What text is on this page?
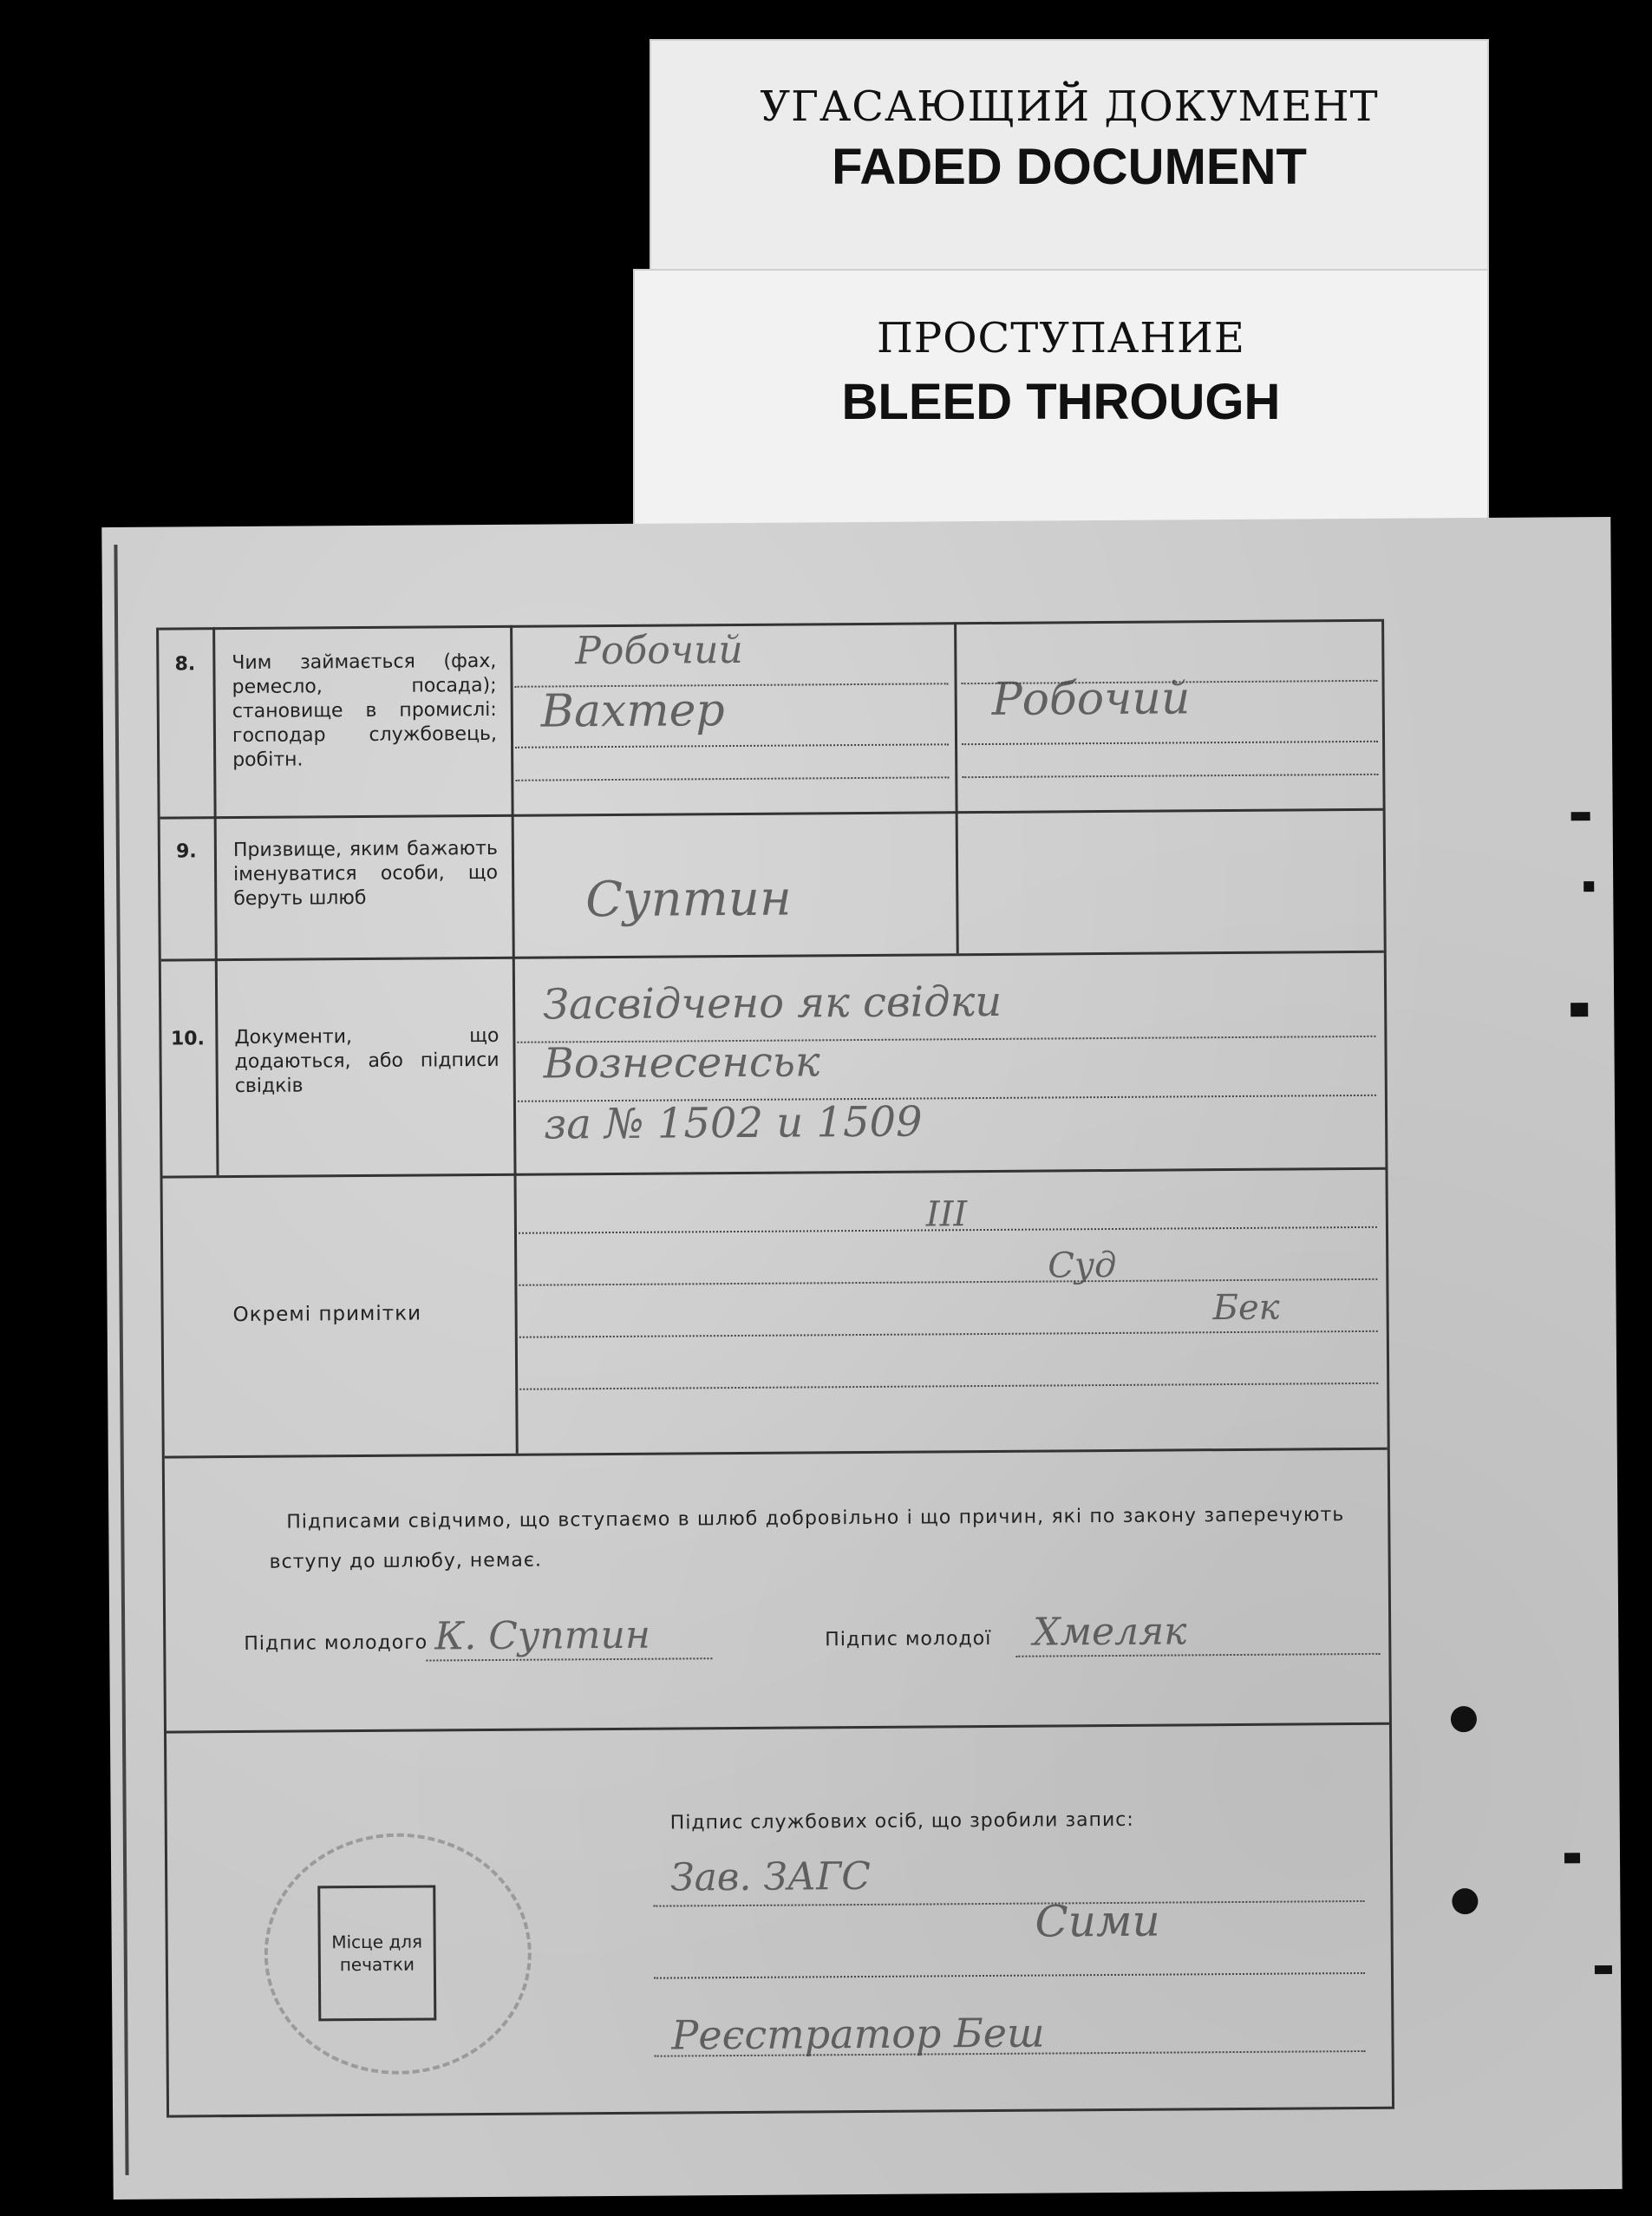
УГАСАЮЩИЙ ДОКУМЕНТ
FADED DOCUMENT
ПРОСТУПАНИЕ
BLEED THROUGH
8.	Чим займається (фах, ремесло, посада); становище в промислі: господар службовець, робітн.
Робочий
Вахтер	Робочий
9.	Призвище, яким бажають іменуватися особи, що беруть шлюб	Суптин
10.	Документи, що додаються, або підписи свідків
Засвідчено як свідки
Вознесенськ
за № 1502 и 1509
Окремі примітки
III
Суд
Бек
Підписами свідчимо, що вступаємо в шлюб добровільно і що причин, які по закону заперечують вступу до шлюбу, немає.
Підпис молодого К. Суптин	Підпис молодої Хмеляк
Підпис службових осіб, що зробили запис:
Зав. ЗАГС
Сими
Реєстратор Беш
Місце для печатки
